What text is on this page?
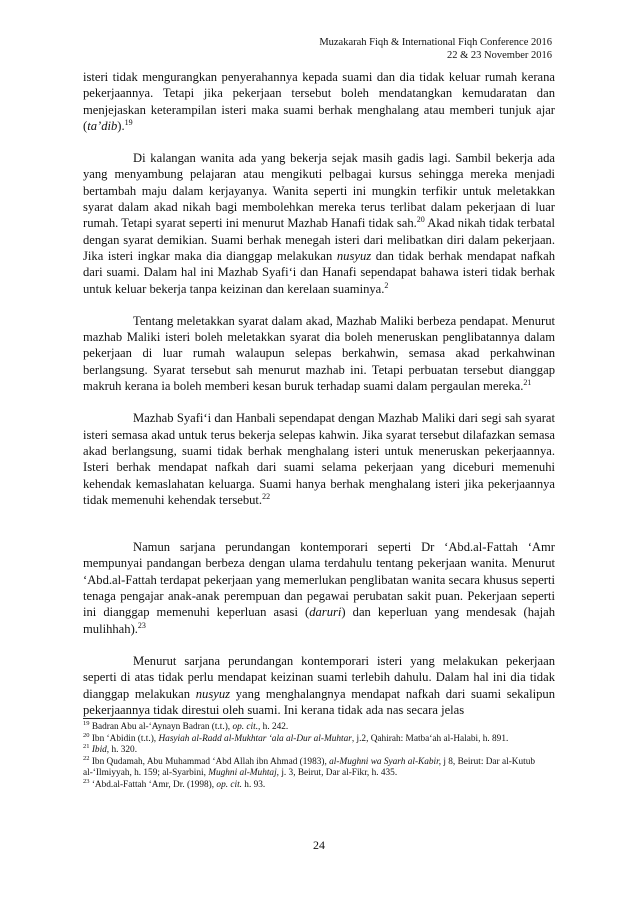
Muzakarah Fiqh & International Fiqh Conference 2016
22 & 23 November 2016

isteri tidak mengurangkan penyerahannya kepada suami dan dia tidak keluar rumah kerana pekerjaannya. Tetapi jika pekerjaan tersebut boleh mendatangkan kemudaratan dan menjejaskan keterampilan isteri maka suami berhak menghalang atau memberi tunjuk ajar (ta’dib).$^{19}$

Di kalangan wanita ada yang bekerja sejak masih gadis lagi. Sambil bekerja ada yang menyambung pelajaran atau mengikuti pelbagai kursus sehingga mereka menjadi bertambah maju dalam kerjayanya. Wanita seperti ini mungkin terfikir untuk meletakkan syarat dalam akad nikah bagi membolehkan mereka terus terlibat dalam pekerjaan di luar rumah. Tetapi syarat seperti ini menurut Mazhab Hanafi tidak sah.$^{20}$ Akad nikah tidak terbatal dengan syarat demikian. Suami berhak menegah isteri dari melibatkan diri dalam pekerjaan. Jika isteri ingkar maka dia dianggap melakukan nusyuz dan tidak berhak mendapat nafkah dari suami. Dalam hal ini Mazhab Syafi‘i dan Hanafi sependapat bahawa isteri tidak berhak untuk keluar bekerja tanpa keizinan dan kerelaan suaminya.$^2$

Tentang meletakkan syarat dalam akad, Mazhab Maliki berbeza pendapat. Menurut mazhab Maliki isteri boleh meletakkan syarat dia boleh meneruskan penglibatannya dalam pekerjaan di luar rumah walaupun selepas berkahwin, semasa akad perkahwinan berlangsung. Syarat tersebut sah menurut mazhab ini. Tetapi perbuatan tersebut dianggap makruh kerana ia boleh memberi kesan buruk terhadap suami dalam pergaulan mereka.$^{21}$

Mazhab Syafi‘i dan Hanbali sependapat dengan Mazhab Maliki dari segi sah syarat isteri semasa akad untuk terus bekerja selepas kahwin. Jika syarat tersebut dilafazkan semasa akad berlangsung, suami tidak berhak menghalang isteri untuk meneruskan pekerjaannya. Isteri berhak mendapat nafkah dari suami selama pekerjaan yang diceburi memenuhi kehendak kemaslahatan keluarga. Suami hanya berhak menghalang isteri jika pekerjaannya tidak memenuhi kehendak tersebut.$^{22}$

Namun sarjana perundangan kontemporari seperti Dr ‘Abd.al-Fattah ‘Amr mempunyai pandangan berbeza dengan ulama terdahulu tentang pekerjaan wanita. Menurut ‘Abd.al-Fattah terdapat pekerjaan yang memerlukan penglibatan wanita secara khusus seperti tenaga pengajar anak-anak perempuan dan pegawai perubatan sakit puan. Pekerjaan seperti ini dianggap memenuhi keperluan asasi (daruri) dan keperluan yang mendesak (hajah mulihhah).$^{23}$

Menurut sarjana perundangan kontemporari isteri yang melakukan pekerjaan seperti di atas tidak perlu mendapat keizinan suami terlebih dahulu. Dalam hal ini dia tidak dianggap melakukan nusyuz yang menghalangnya mendapat nafkah dari suami sekalipun pekerjaannya tidak direstui oleh suami. Ini kerana tidak ada nas secara jelas

$^{19}$ Badran Abu al-‘Aynayn Badran (t.t.), op. cit., h. 242.

$^{20}$ Ibn ‘Abidin (t.t.), Hasyiah al-Radd al-Mukhtar ‘ala al-Dur al-Muhtar, j.2, Qahirah: Matba‘ah al-Halabi, h. 891.

$^{21}$ Ibid, h. 320.

$^{22}$ Ibn Qudamah, Abu Muhammad ‘Abd Allah ibn Ahmad (1983), al-Mughni wa Syarh al-Kabir, j 8, Beirut: Dar al-Kutub al-‘Ilmiyyah, h. 159; al-Syarbini, Mughni al-Muhtaj, j. 3, Beirut, Dar al-Fikr, h. 435.

$^{23}$ ‘Abd.al-Fattah ‘Amr, Dr. (1998), op. cit. h. 93.

24
